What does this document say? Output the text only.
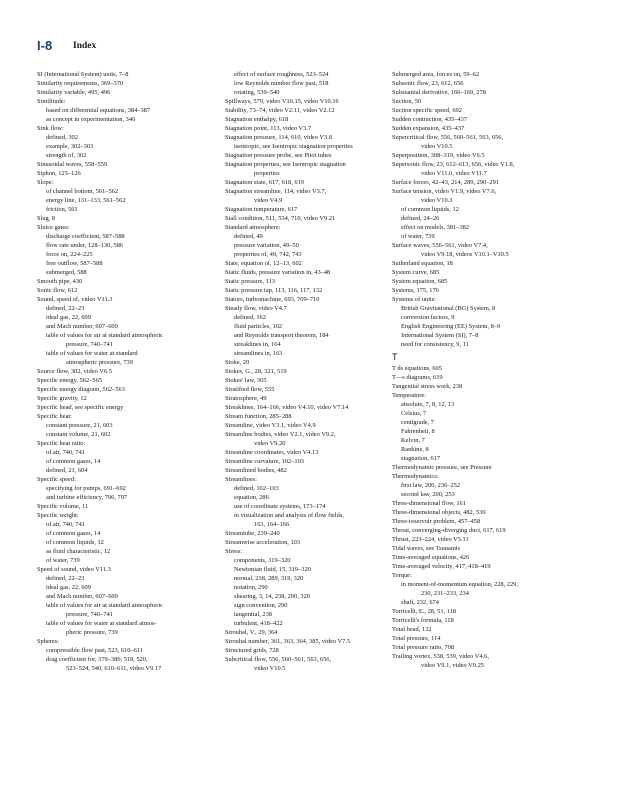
I-8 Index
SI (International System) units, 7–8
Similarity requirements, 369–370
Similarity variable, 495, 496
Similitude:
based on differential equations, 384–387
as concept in experimentation, 346
Sink flow:
defined, 302
example, 302–303
strength of, 302
Sinusoidal waves, 558–559
Siphon, 125–126
Slope:
of channel bottom, 561–562
energy line, 131–133, 561–562
friction, 561
Slug, 8
Sluice gates:
discharge coefficient, 587–588
flow rate under, 128–130, 586
force on, 224–225
free outflow, 587–588
submerged, 588
Smooth pipe, 430
Sonic flow, 612
Sound, speed of, video V11.3
defined, 22–23
ideal gas, 22, 609
and Mach number, 607–609
table of values for air at standard atmospheric
pressure, 740–741
table of values for water at standard
atmospheric pressure, 739
Source flow, 302, video V6.5
Specific energy, 562–565
Specific energy diagram, 562–563
Specific gravity, 12
Specific head, see specific energy
Specific heat:
constant pressure, 21, 603
constant volume, 21, 602
Specific heat ratio:
of air, 740, 741
of common gases, 14
defined, 21, 604
Specific speed:
specifying for pumps, 691–692
and turbine efficiency, 706, 707
Specific volume, 11
Specific weight:
of air, 740, 741
of common gases, 14
of common liquids, 12
as fluid characteristic, 12
of water, 739
Speed of sound, video V11.3
defined, 22–23
ideal gas, 22, 609
and Mach number, 607–609
table of values for air at standard atmospheric
pressure, 740–741
table of values for water at standard atmos-
pheric pressure, 739
Spheres:
compressible flow past, 523, 610–611
drag coefficient for, 379–380, 518, 520,
523–524, 540, 610–611, video V9.17
effect of surface roughness, 523–524
low Reynolds number flow past, 518
rotating, 539–540
Spillways, 579, video V10.15, video V10.16
Stability, 73–74, video V2.11, video V2.12
Stagnation enthalpy, 618
Stagnation point, 113, video V3.7
Stagnation pressure, 114, 610, video V3.8
isentropic, see Isentropic stagnation properties
Stagnation pressure probe, see Pitot tubes
Stagnation properties, see Isentropic stagnation
properties
Stagnation state, 617, 618, 619
Stagnation streamline, 114, video V3.7,
video V4.9
Stagnation temperature, 617
Stall condition, 511, 534, 710, video V9.21
Standard atmosphere:
defined, 49
pressure variation, 49–50
properties of, 49, 742, 743
State, equation of, 12–13, 602
Static fluids, pressure variation in, 43–48
Static pressure, 113
Static pressure tap, 113, 116, 117, 132
Stators, turbomachine, 693, 709–710
Steady flow, video V4.7
defined, 162
fluid particles, 102
and Reynolds transport theorem, 184
streaklines in, 164
streamlines in, 163
Stoke, 20
Stokes, G., 28, 321, 519
Stokes' law, 365
Stratified flow, 555
Stratosphere, 49
Streaklines, 164–166, video V4.10, video V7.14
Stream function, 285–288
Streamline, video V3.1, video V4.9
Streamline bodies, video V2.1, video V9.2,
video V9.20
Streamline coordinates, video V4.13
Streamline curvature, 102–103
Streamlined bodies, 482
Streamlines:
defined, 102–103
equation, 286
use of coordinate systems, 173–174
in visualization and analysis of flow fields,
163, 164–166
Streamtube, 239–240
Streamwise acceleration, 103
Stress:
components, 319–320
Newtonian fluid, 15, 319–320
normal, 238, 289, 319, 320
notation, 290
shearing, 3, 14, 238, 290, 320
sign convention, 290
tangential, 238
turbulent, 418–422
Strouhal, V., 29, 364
Strouhal number, 361, 363, 364, 385, video V7.5
Structured grids, 728
Subcritical flow, 556, 560–561, 563, 656,
video V10.5
Submerged area, forces on, 59–62
Subsonic flow, 23, 612, 656
Substantial derivative, 166–169, 278
Suction, 50
Suction specific speed, 692
Sudden contraction, 435–437
Sudden expansion, 435–437
Supercritical flow, 556, 560–561, 563, 656,
video V10.5
Superposition, 308–319, video V6.5
Supersonic flow, 23, 612–613, 656, video V1.8,
video V11.6, video V11.7
Surface forces, 42–43, 214, 289, 290–291
Surface tension, video V1.9, video V7.6,
video V10.3
of common liquids, 12
defined, 24–26
effect on models, 381–382
of water, 739
Surface waves, 556–561, video V7.4,
video V9.18, videos V10.1–V10.5
Sutherland equation, 18
System curve, 685
System equation, 685
Systems, 175, 176
Systems of units:
British Gravitational (BG) System, 8
conversion factors, 9
English Engineering (EE) System, 8–9
International System (SI), 7–8
need for consistency, 9, 11
T
T ds equations, 605
T—s diagrams, 619
Tangential stress work, 238
Temperature:
absolute, 7, 8, 12, 13
Celsius, 7
centigrade, 7
Fahrenheit, 8
Kelvin, 7
Rankine, 8
stagnation, 617
Thermodynamic pressure, see Pressure
Thermodynamics:
first law, 200, 236–252
second law, 200, 253
Three-dimensional flow, 161
Three-dimensional objects, 482, 530
Three-reservoir problem, 457–458
Throat, converging-diverging duct, 617, 619
Thrust, 223–224, video V5.11
Tidal waves, see Tsunamis
Time-averaged equations, 426
Time-averaged velocity, 417, 418–419
Torque:
in moment-of-momentum equation, 228, 229,
230, 231–233, 234
shaft, 232, 674
Torricelli, E., 28, 51, 118
Torricelli's formula, 118
Total head, 132
Total pressure, 114
Total pressure ratio, 708
Trailing vortex, 538, 539, video V4.6,
video V9.1, video V9.25
